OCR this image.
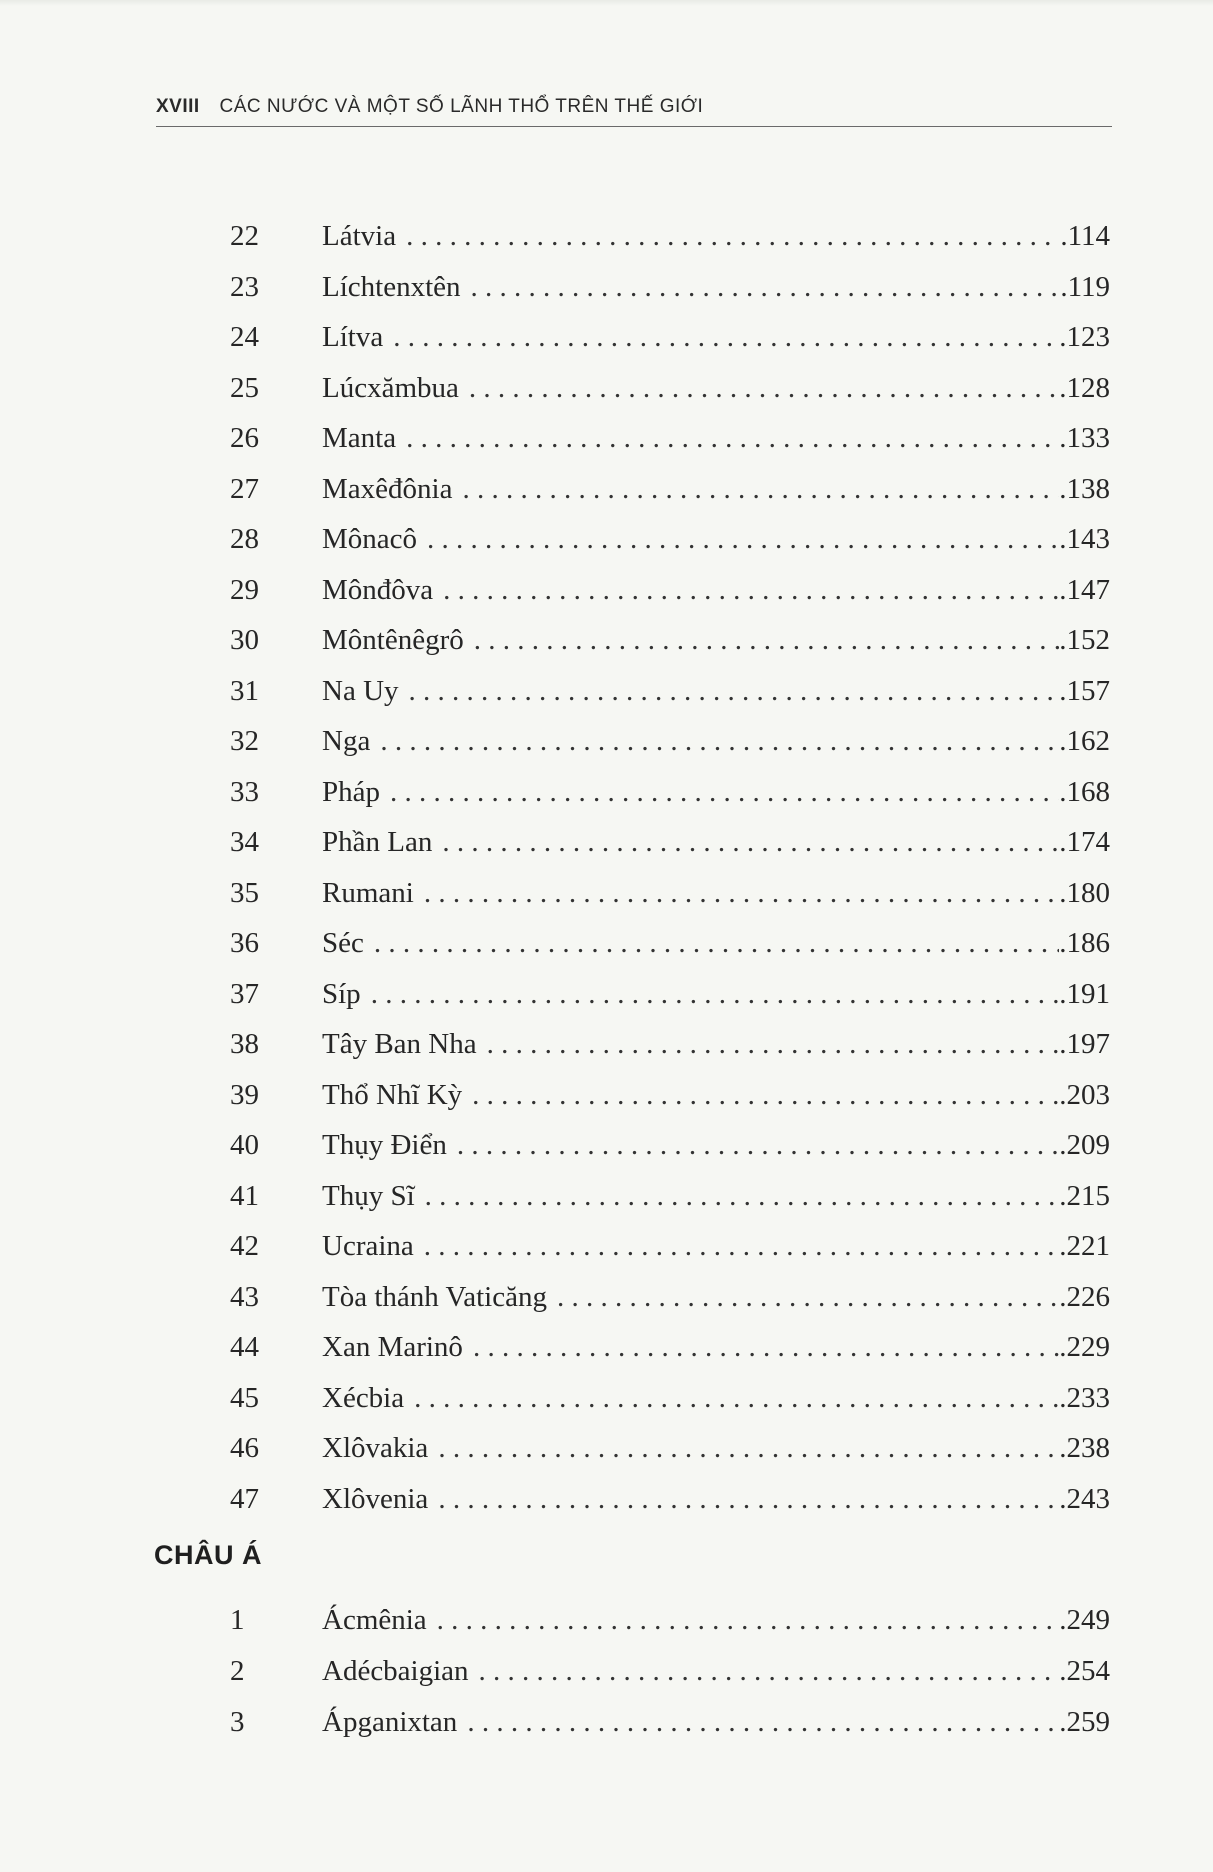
XVIII CÁC NƯỚC VÀ MỘT SỐ LÃNH THỔ TRÊN THẾ GIỚI
22	Látvia . . .	.114
23	Líchtenxtên . . .	.119
24	Lítva . . .	.123
25	Lúcxămbua . . .	.128
26	Manta . . .	.133
27	Maxêđônia . . .	.138
28	Mônacô . . .	.143
29	Mônđôva . . .	.147
30	Môntênêgrô . . .	.152
31	Na Uy . . .	.157
32	Nga . . .	.162
33	Pháp . . .	.168
34	Phần Lan . . .	.174
35	Rumani . . .	.180
36	Séc . . .	.186
37	Síp . . .	.191
38	Tây Ban Nha . . .	.197
39	Thổ Nhĩ Kỳ . . .	.203
40	Thụy Điển . . .	.209
41	Thụy Sĩ . . .	.215
42	Ucraina . . .	.221
43	Tòa thánh Vaticăng . . .	.226
44	Xan Marinô . . .	.229
45	Xécbia . . .	.233
46	Xlôvakia . . .	.238
47	Xlôvenia . . .	.243
CHÂU Á
1	Ácmênia . . .	.249
2	Adécbaigian . . .	.254
3	Ápganixtan . . .	.259
